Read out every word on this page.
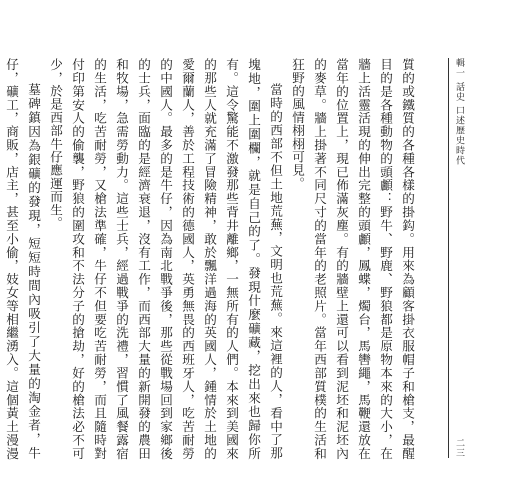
質的或鐵質的各種各樣的掛鈎。用來為顧客掛衣服帽子和槍支，最醒目的是各種動物的頭顱：野牛、野鹿、野狼都是原物本來的大小，在牆上活靈活現的伸出完整的頭顱，鳳蝶，燭台，馬轡繩，馬鞭還放在當年的位置上，現已佈滿灰塵。有的牆壁上還可以看到泥坯和泥坯內的麥草。牆上掛著不同尺寸的當年的老照片。當年西部質樸的生活和狂野的風情栩栩可見。

當時的西部不但土地荒蕪，文明也荒蕪。來這裡的人，看中了那塊地，圍上圍欄，就是自己的了。發現什麼礦藏，挖出來也歸你所有。這令驚能不激發那些背井離鄉，一無所有的人們。本來到美國來的那些人就充滿了冒險精神，敢於飄洋過海的英國人，鍾情於土地的愛爾蘭人，善於工程技術的德國人，英勇無畏的西班牙人，吃苦耐勞的中國人。最多的是牛仔，因為南北戰爭後，那些從戰場回到家鄉後的士兵，面臨的是經濟衰退，沒有工作，而西部大量的新開發的農田和牧場，急需勞動力。這些士兵，經過戰爭的洗禮，習慣了風餐露宿的生活，吃苦耐勞，又槍法準確，牛仔不但要吃苦耐勞，而且隨時對付印第安人的偷襲，野狼的圍攻和不法分子的搶劫，好的槍法必不可少，於是西部牛仔應運而生。

墓碑鎮因為銀礦的發現，短短時間內吸引了大量的淘金者，牛仔，礦工，商販，店主，甚至小偷，妓女等相繼湧入。這個黃土漫漫

輯一 話史 口述歷史時代
二三
